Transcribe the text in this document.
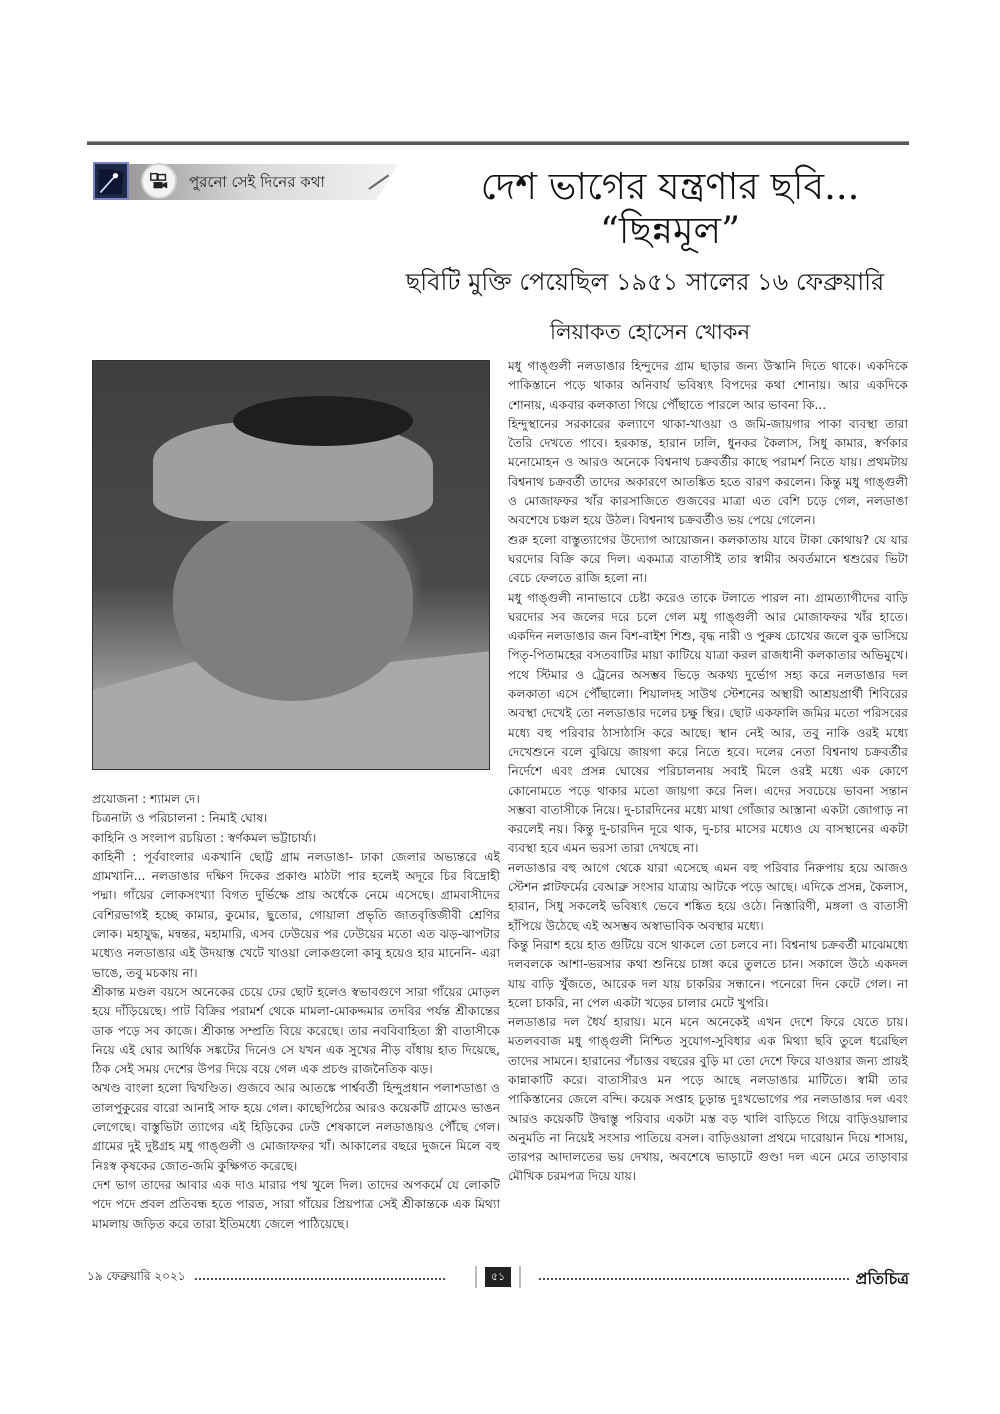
পুরনো সেই দিনের কথা	দেশ ভাগের যন্ত্রণার ছবি...
“ছিন্নমূল”
ছবিটি মুক্তি পেয়েছিল ১৯৫১ সালের ১৬ ফেব্রুয়ারি
লিয়াকত হোসেন খোকন

প্রযোজনা : শ্যামল দে।

চিত্রনাট্য ও পরিচালনা : নিমাই ঘোষ।

কাহিনি ও সংলাপ রচয়িতা : স্বর্ণকমল ভট্টাচার্য্য।

কাহিনী : পূর্ববাংলার একখানি ছোট্ট গ্রাম নলডাঙা- ঢাকা জেলার অভ্যন্তরে এই গ্রামখানি... নলডাঙার দক্ষিণ দিকের প্রকাণ্ড মাঠটা পার হলেই অদূরে চির বিদ্রোহী পদ্মা। গাঁয়ের লোকসংখ্যা বিগত দুর্ভিক্ষে প্রায় অর্ধেকে নেমে এসেছে। গ্রামবাসীদের বেশিরভাগই হচ্ছে কামার, কুমোর, ছুতোর, গোয়ালা প্রভৃতি জাতবৃত্তিজীবী শ্রেণির লোক। মহাযুদ্ধ, মন্বন্তর, মহামারি, এসব ঢেউয়ের পর ঢেউয়ের মতো এত ঝড়-ঝাপটার মধ্যেও নলডাঙার এই উদয়াস্ত খেটে খাওয়া লোকগুলো কাবু হয়েও হার মানেনি- এরা ভাঙে, তবু মচকায় না।

শ্রীকান্ত মণ্ডল বয়সে অনেকের চেয়ে ঢের ছোট হলেও স্বভাবগুণে সারা গাঁয়ের মোড়ল হয়ে দাঁড়িয়েছে। পাট বিক্রির পরামর্শ থেকে মামলা-মোকদ্দমার তদবির পর্যন্ত শ্রীকান্তের ডাক পড়ে সব কাজে। শ্রীকান্ত সম্প্রতি বিয়ে করেছে। তার নববিবাহিতা স্ত্রী বাতাসীকে নিয়ে এই ঘোর আর্থিক সঙ্কটের দিনেও সে যখন এক সুখের নীড় বাঁধায় হাত দিয়েছে, ঠিক সেই সময় দেশের উপর দিয়ে বয়ে গেল এক প্রচণ্ড রাজনৈতিক ঝড়।

অখণ্ড বাংলা হলো দ্বিখণ্ডিত। গুজবে আর আতঙ্কে পার্শ্ববর্তী হিন্দুপ্রধান পলাশডাঙা ও তালপুকুরের বারো আনাই সাফ হয়ে গেল। কাছেপিঠের আরও কয়েকটি গ্রামেও ভাঙন লেগেছে। বাস্তুভিটা ত্যাগের এই হিড়িকের ঢেউ শেষকালে নলডাঙায়ও পৌঁছে গেল। গ্রামের দুই দুষ্টগ্রহ মধু গাঙ্গুলী ও মোজাফফর খাঁ। আকালের বছরে দুজনে মিলে বহু নিঃস্ব কৃষকের জোত-জমি কুক্ষিগত করেছে।

দেশ ভাগ তাদের আবার এক দাও মারার পথ খুলে দিল। তাদের অপকর্মে যে লোকটি পদে পদে প্রবল প্রতিবন্ধ হতে পারত, সারা গাঁয়ের প্রিয়পাত্র সেই শ্রীকান্তকে এক মিথ্যা মামলায় জড়িত করে তারা ইতিমধ্যে জেলে পাঠিয়েছে।

মধু গাঙ্গুলী নলডাঙার হিন্দুদের গ্রাম ছাড়ার জন্য উস্কানি দিতে থাকে। একদিকে পাকিস্তানে পড়ে থাকার অনিবার্য ভবিষ্যৎ বিপদের কথা শোনায়। আর একদিকে শোনায়, একবার কলকাতা গিয়ে পৌঁছাতে পারলে আর ভাবনা কি...

হিন্দুস্থানের সরকারের কল্যাণে থাকা-খাওয়া ও জমি-জায়গার পাকা ব্যবস্থা তারা তৈরি দেখতে পাবে। হরকান্ত, হারান ঢালি, ধুনকর কৈলাস, সিধু কামার, স্বর্ণকার মনোমোহন ও আরও অনেকে বিশ্বনাথ চক্রবর্তীর কাছে পরামর্শ নিতে যায়। প্রথমটায় বিশ্বনাথ চক্রবর্তী তাদের অকারণে আতঙ্কিত হতে বারণ করলেন। কিন্তু মধু গাঙ্গুলী ও মোজাফফর খাঁর কারসাজিতে গুজবের মাত্রা এত বেশি চড়ে গেল, নলডাঙা অবশেষে চঞ্চল হয়ে উঠল। বিশ্বনাথ চক্রবর্তীও ভয় পেয়ে গেলেন।

শুরু হলো বাস্তুত্যাগের উদ্যোগ আয়োজন। কলকাতায় যাবে টাকা কোথায়? যে যার ঘরদোর বিক্রি করে দিল। একমাত্র বাতাসীই তার স্বামীর অবর্তমানে শ্বশুরের ভিটা বেচে ফেলতে রাজি হলো না।

মধু গাঙ্গুলী নানাভাবে চেষ্টা করেও তাকে টলাতে পারল না। গ্রামত্যাগীদের বাড়ি ঘরদোর সব জলের দরে চলে গেল মধু গাঙ্গুলী আর মোজাফফর খাঁর হাতে। একদিন নলডাঙার জন বিশ-বাইশ শিশু, বৃদ্ধ নারী ও পুরুষ চোখের জলে বুক ভাসিয়ে পিতৃ-পিতামহের বসতবাটির মায়া কাটিয়ে যাত্রা করল রাজধানী কলকাতার অভিমুখে। পথে স্টিমার ও ট্রেনের অসম্ভব ভিড়ে অকথ্য দুর্ভোগ সহ্য করে নলডাঙার দল কলকাতা এসে পৌঁছালো। শিয়ালদহ সাউথ স্টেশনের অস্থায়ী আশ্রয়প্রার্থী শিবিরের অবস্থা দেখেই তো নলডাঙার দলের চক্ষু স্থির। ছোট একফালি জমির মতো পরিসরের মধ্যে বহু পরিবার ঠাসাঠাসি করে আছে। স্থান নেই আর, তবু নাকি ওরই মধ্যে দেখেশুনে বলে বুঝিয়ে জায়গা করে নিতে হবে। দলের নেতা বিশ্বনাথ চক্রবর্তীর নির্দেশে এবং প্রসন্ন ঘোষের পরিচালনায় সবাই মিলে ওরই মধ্যে এক কোণে কোনোমতে পড়ে থাকার মতো জায়গা করে নিল। এদের সবচেয়ে ভাবনা সন্তান সম্ভবা বাতাসীকে নিয়ে। দু-চারদিনের মধ্যে মাথা গোঁজার আস্তানা একটা জোগাড় না করলেই নয়। কিন্তু দু-চারদিন দূরে থাক, দু-চার মাসের মধ্যেও যে বাসস্থানের একটা ব্যবস্থা হবে এমন ভরসা তারা দেখছে না।

নলডাঙার বহু আগে থেকে যারা এসেছে এমন বহু পরিবার নিরুপায় হয়ে আজও স্টেশন প্লাটফর্মের বেআব্রু সংসার যাত্রায় আটকে পড়ে আছে। এদিকে প্রসন্ন, কৈলাস, হারান, সিধু সকলেই ভবিষ্যৎ ভেবে শঙ্কিত হয়ে ওঠে। নিস্তারিণী, মঙ্গলা ও বাতাসী হাঁপিয়ে উঠেছে এই অসম্ভব অস্বাভাবিক অবস্থার মধ্যে।

কিন্তু নিরাশ হয়ে হাত গুটিয়ে বসে থাকলে তো চলবে না। বিশ্বনাথ চক্রবর্তী মাঝেমধ্যে দলবলকে আশা-ভরসার কথা শুনিয়ে চাঙ্গা করে তুলতে চান। সকালে উঠে একদল যায় বাড়ি খুঁজতে, আরেক দল যায় চাকরির সন্ধানে। পনেরো দিন কেটে গেল। না হলো চাকরি, না পেল একটা খড়ের চালার মেটে খুপরি।

নলডাঙার দল ধৈর্য হারায়। মনে মনে অনেকেই এখন দেশে ফিরে যেতে চায়। মতলববাজ মধু গাঙ্গুলী নিশ্চিত সুযোগ-সুবিধার এক মিথ্যা ছবি তুলে ধরেছিল তাদের সামনে। হারানের পঁচাত্তর বছরের বুড়ি মা তো দেশে ফিরে যাওয়ার জন্য প্রায়ই কান্নাকাটি করে। বাতাসীরও মন পড়ে আছে নলডাঙার মাটিতে। স্বামী তার পাকিস্তানের জেলে বন্দি। কয়েক সপ্তাহ চূড়ান্ত দুঃখভোগের পর নলডাঙার দল এবং আরও কয়েকটি উদ্বাস্তু পরিবার একটা মস্ত বড় খালি বাড়িতে গিয়ে বাড়িওয়ালার অনুমতি না নিয়েই সংসার পাতিয়ে বসল। বাড়িওয়ালা প্রথমে দারোয়ান দিয়ে শাসায়, তারপর আদালতের ভয় দেখায়, অবশেষে ভাড়াটে গুণ্ডা দল এনে মেরে তাড়াবার মৌখিক চরমপত্র দিয়ে যায়।

১৯ ফেব্রুয়ারি ২০২১	৫১	প্রতিচিত্র
